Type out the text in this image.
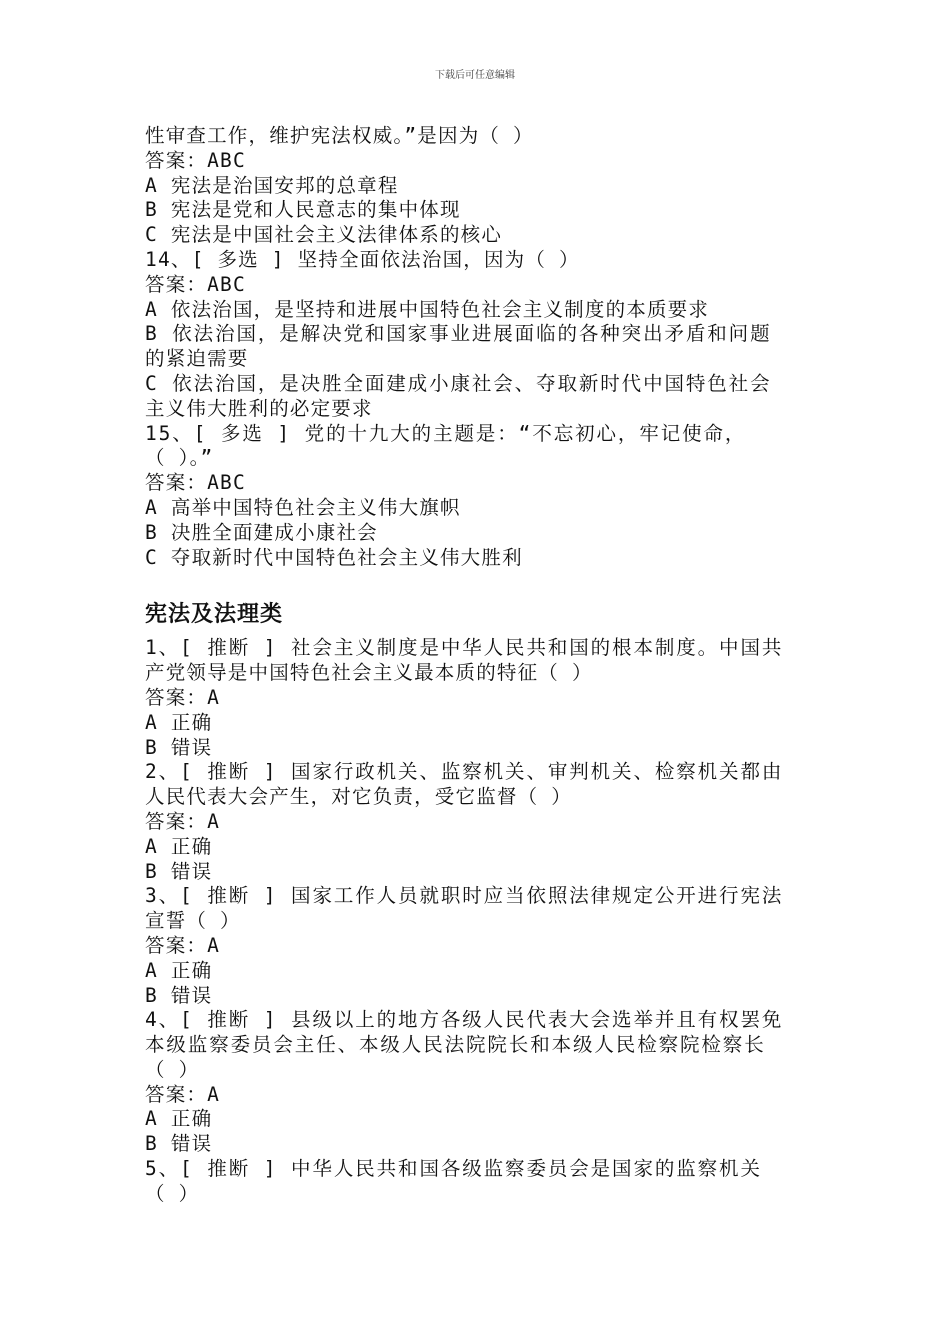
下载后可任意编辑
性审查工作，维护宪法权威。”是因为（ ）
答案：ABC
A 宪法是治国安邦的总章程
B 宪法是党和人民意志的集中体现
C 宪法是中国社会主义法律体系的核心
14、[ 多选 ] 坚持全面依法治国，因为（ ）
答案：ABC
A 依法治国，是坚持和进展中国特色社会主义制度的本质要求
B 依法治国，是解决党和国家事业进展面临的各种突出矛盾和问题
的紧迫需要
C 依法治国，是决胜全面建成小康社会、夺取新时代中国特色社会
主义伟大胜利的必定要求
15、[ 多选 ] 党的十九大的主题是：“不忘初心，牢记使命，
（ ）。”
答案：ABC
A 高举中国特色社会主义伟大旗帜
B 决胜全面建成小康社会
C 夺取新时代中国特色社会主义伟大胜利
宪法及法理类
1、[ 推断 ] 社会主义制度是中华人民共和国的根本制度。中国共
产党领导是中国特色社会主义最本质的特征（ ）
答案：A
A 正确
B 错误
2、[ 推断 ] 国家行政机关、监察机关、审判机关、检察机关都由
人民代表大会产生，对它负责，受它监督（ ）
答案：A
A 正确
B 错误
3、[ 推断 ] 国家工作人员就职时应当依照法律规定公开进行宪法
宣誓（ ）
答案：A
A 正确
B 错误
4、[ 推断 ] 县级以上的地方各级人民代表大会选举并且有权罢免
本级监察委员会主任、本级人民法院院长和本级人民检察院检察长
（ ）
答案：A
A 正确
B 错误
5、[ 推断 ] 中华人民共和国各级监察委员会是国家的监察机关
（ ）
